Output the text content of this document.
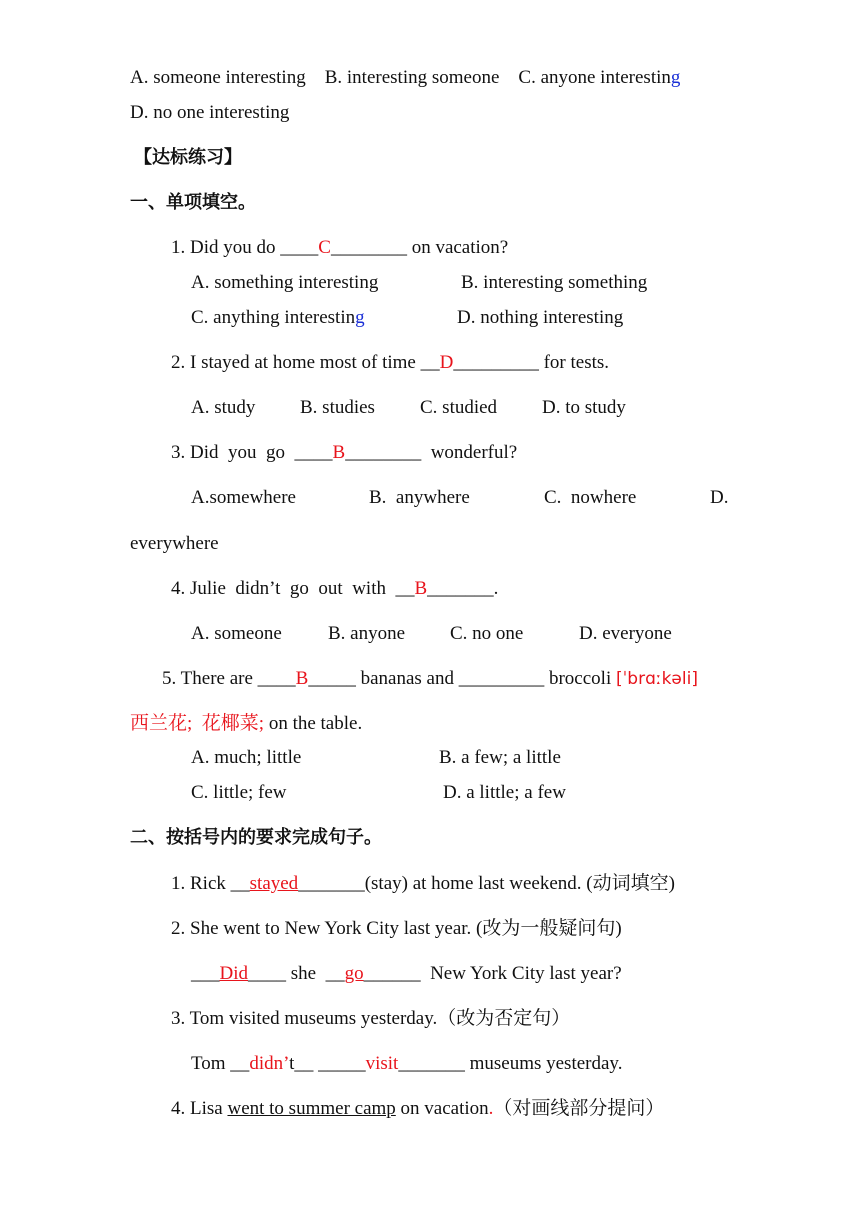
A. someone interesting B. interesting someone C. anyone interesting
D. no one interesting
【达标练习】
一、单项填空。
1. Did you do ____C________ on vacation?
A. something interesting	B. interesting something
C. anything interesting	D. nothing interesting
2. I stayed at home most of time __D_________ for tests.
A. study B. studies C. studied D. to study
3. Did  you  go  ____B________  wonderful?
A.somewhere	B.  anywhere	C.  nowhere	D.
everywhere
4. Julie  didn’t  go  out  with  __B_______.
A. someone B. anyone C. no one	D. everyone
5. There are ____B_____ bananas and _________ broccoli [ˈbrɑːkəli]
西兰花;  花椰菜; on the table.
A. much; little	B. a few; a little
C. little; few	D. a little; a few
二、按括号内的要求完成句子。
1. Rick __stayed_______(stay) at home last weekend. (动词填空)
2. She went to New York City last year. (改为一般疑问句)
___Did____ she  __go______  New York City last year?
3. Tom visited museums yesterday.（改为否定句）
Tom __didn’t__ _____visit_______ museums yesterday.
4. Lisa went to summer camp on vacation.（对画线部分提问）
